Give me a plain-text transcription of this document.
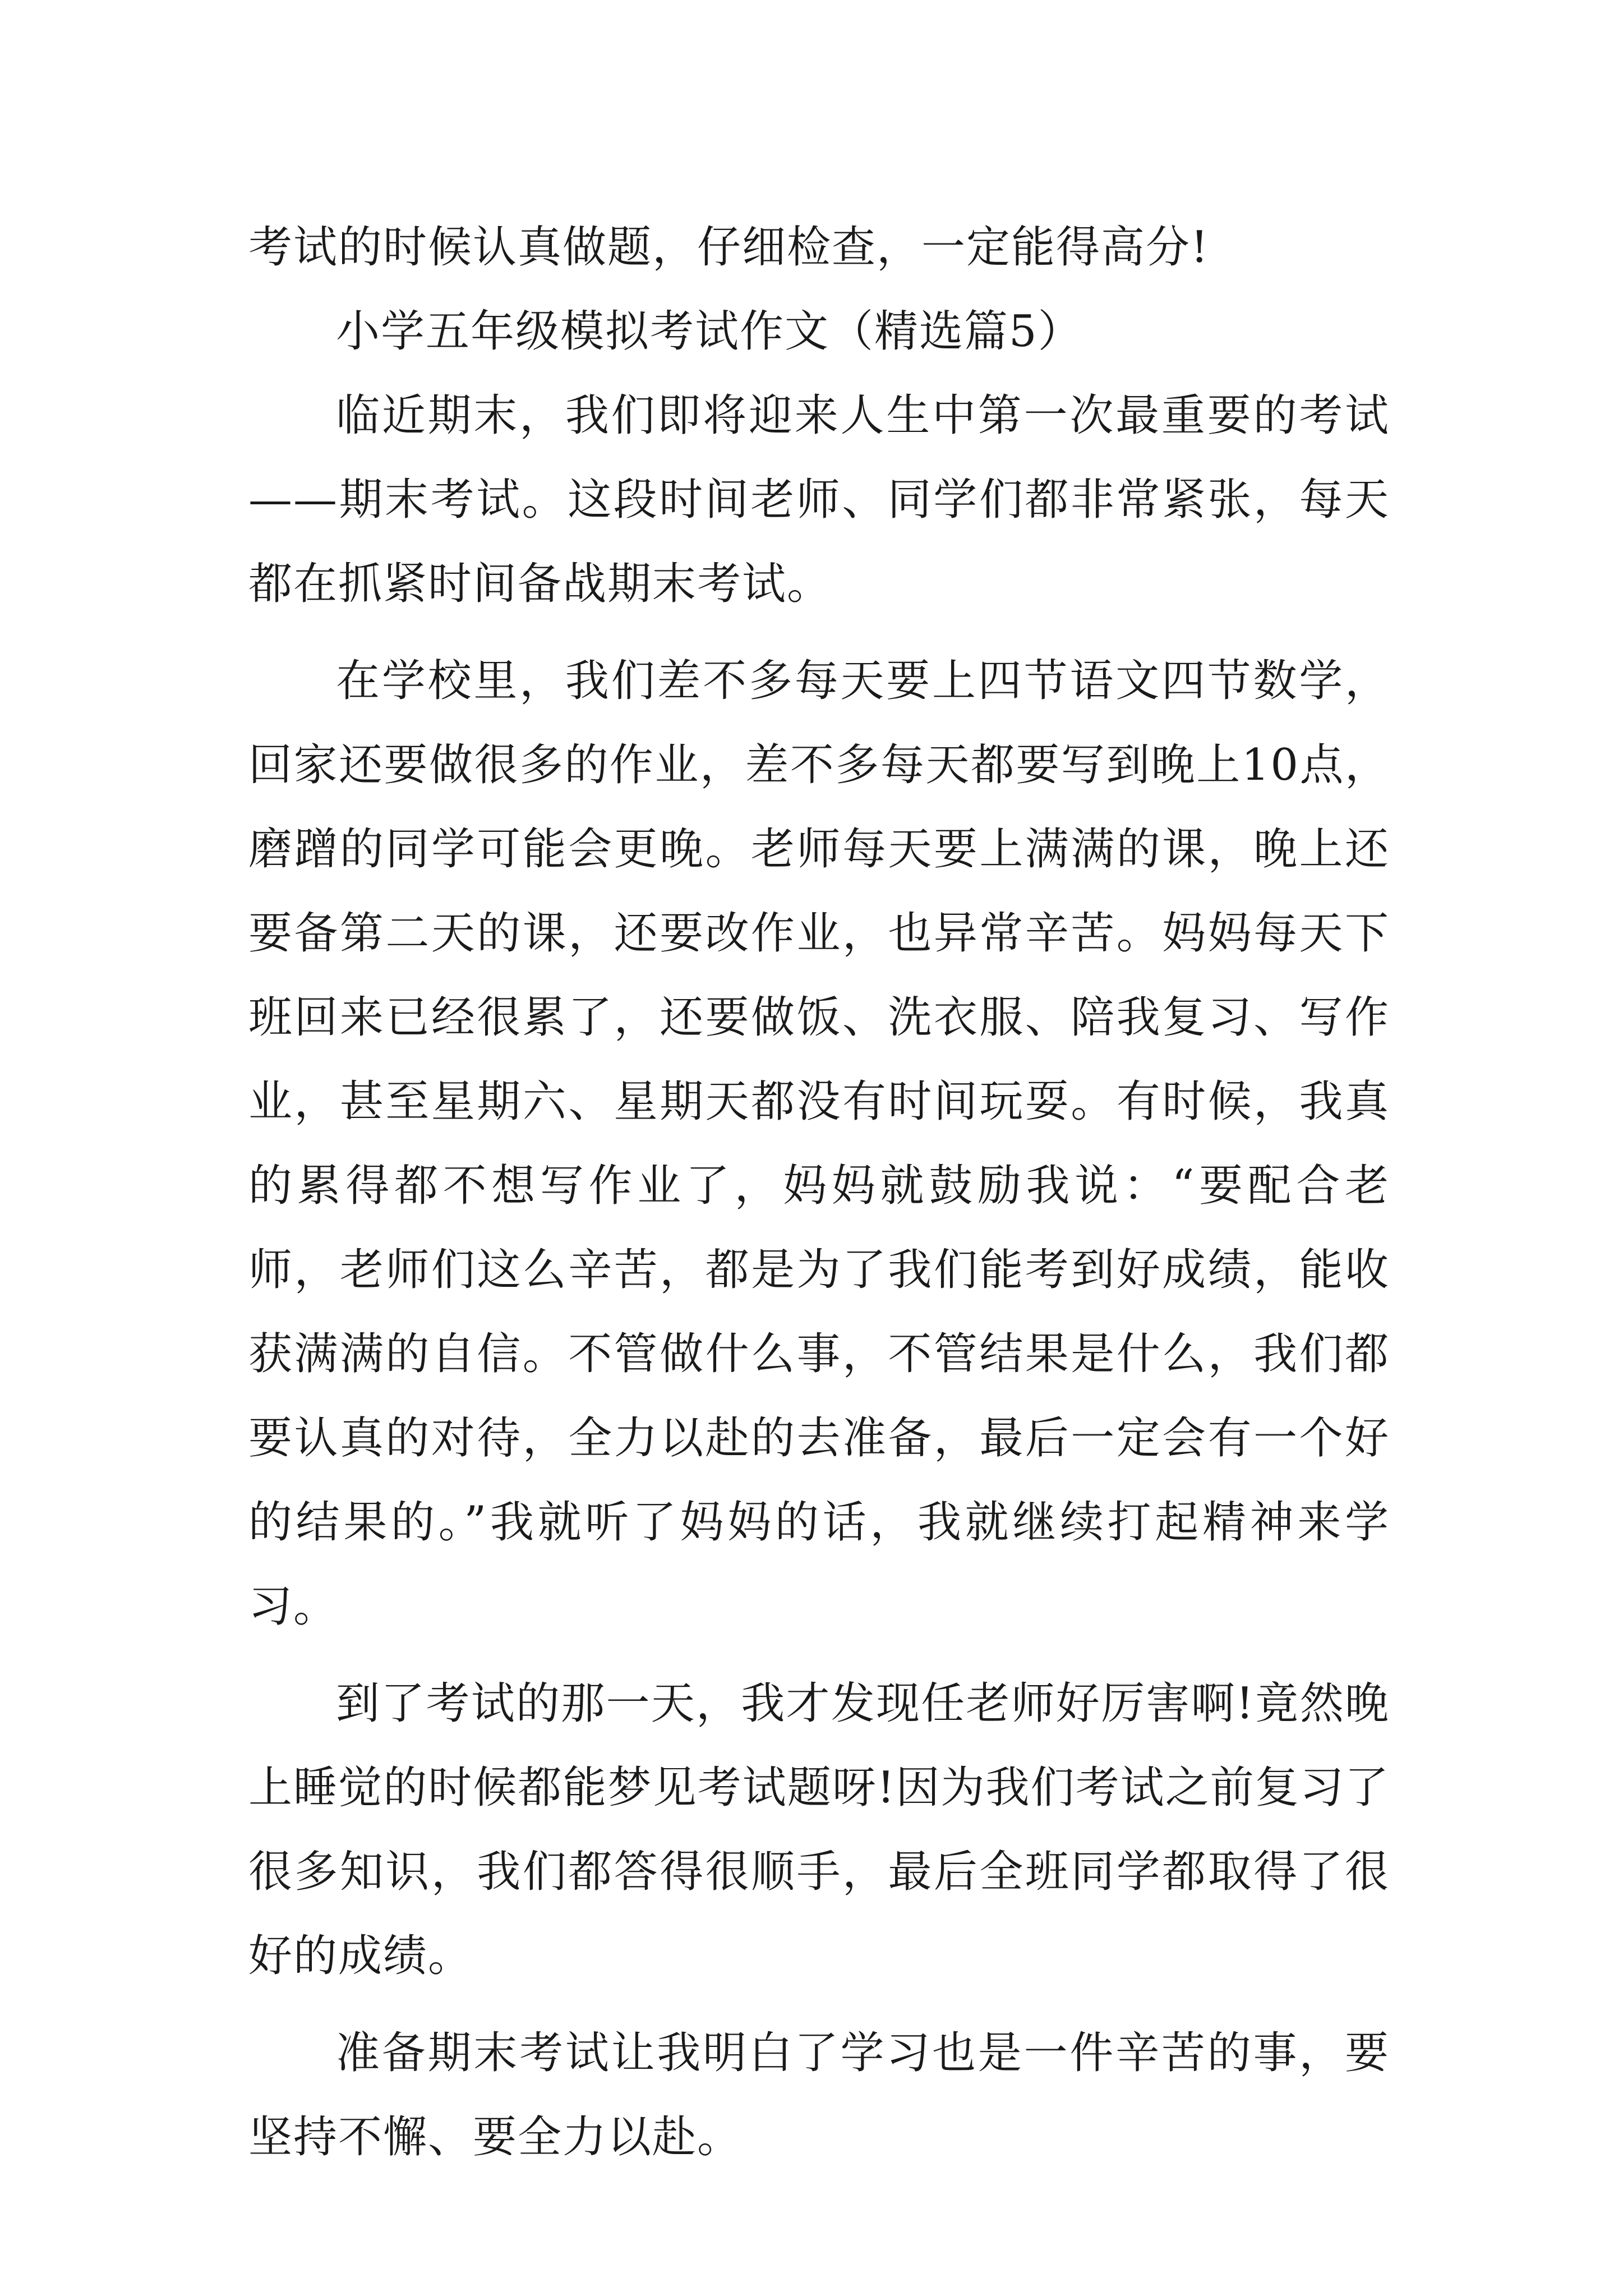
考试的时候认真做题，仔细检查，一定能得高分!

小学五年级模拟考试作文（精选篇5）

临近期末，我们即将迎来人生中第一次最重要的考试——期末考试。这段时间老师、同学们都非常紧张，每天都在抓紧时间备战期末考试。

在学校里，我们差不多每天要上四节语文四节数学，回家还要做很多的作业，差不多每天都要写到晚上10点，磨蹭的同学可能会更晚。老师每天要上满满的课，晚上还要备第二天的课，还要改作业，也异常辛苦。妈妈每天下班回来已经很累了，还要做饭、洗衣服、陪我复习、写作业，甚至星期六、星期天都没有时间玩耍。有时候，我真的累得都不想写作业了，妈妈就鼓励我说：“要配合老师，老师们这么辛苦，都是为了我们能考到好成绩，能收获满满的自信。不管做什么事，不管结果是什么，我们都要认真的对待，全力以赴的去准备，最后一定会有一个好的结果的。”我就听了妈妈的话，我就继续打起精神来学习。

到了考试的那一天，我才发现任老师好厉害啊!竟然晚上睡觉的时候都能梦见考试题呀!因为我们考试之前复习了很多知识，我们都答得很顺手，最后全班同学都取得了很好的成绩。

准备期末考试让我明白了学习也是一件辛苦的事，要坚持不懈、要全力以赴。
